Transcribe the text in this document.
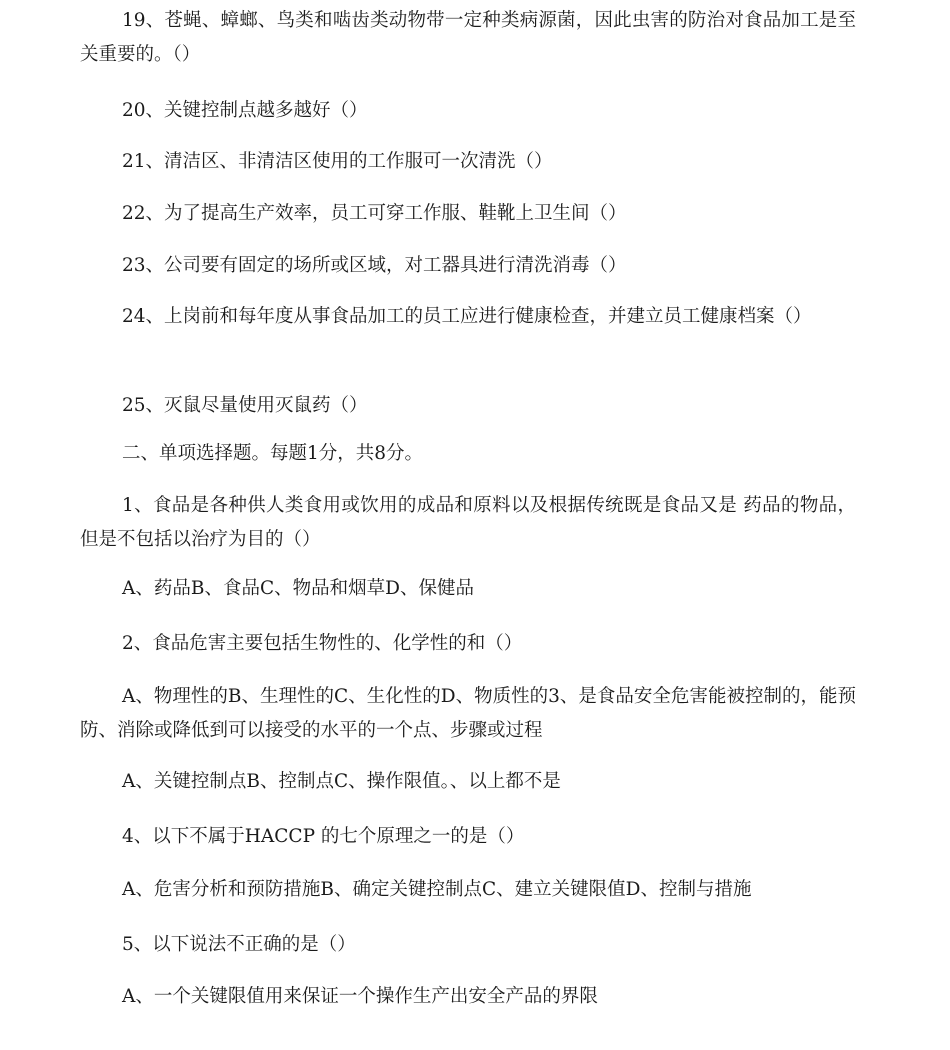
19、苍蝇、蟑螂、鸟类和啮齿类动物带一定种类病源菌，因此虫害的防治对食品加工是至关重要的。（）

20、关键控制点越多越好（）

21、清洁区、非清洁区使用的工作服可一次清洗（）

22、为了提高生产效率，员工可穿工作服、鞋靴上卫生间（）

23、公司要有固定的场所或区域，对工器具进行清洗消毒（）

24、上岗前和每年度从事食品加工的员工应进行健康检查，并建立员工健康档案（）

25、灭鼠尽量使用灭鼠药（）

二、单项选择题。每题1分，共8分。

1、食品是各种供人类食用或饮用的成品和原料以及根据传统既是食品又是 药品的物品，但是不包括以治疗为目的（）

A、药品B、食品C、物品和烟草D、保健品

2、食品危害主要包括生物性的、化学性的和（）

A、物理性的B、生理性的C、生化性的D、物质性的3、是食品安全危害能被控制的，能预防、消除或降低到可以接受的水平的一个点、步骤或过程

A、关键控制点B、控制点C、操作限值。、以上都不是

4、以下不属于HACCP 的七个原理之一的是（）

A、危害分析和预防措施B、确定关键控制点C、建立关键限值D、控制与措施

5、以下说法不正确的是（）

A、一个关键限值用来保证一个操作生产出安全产品的界限
